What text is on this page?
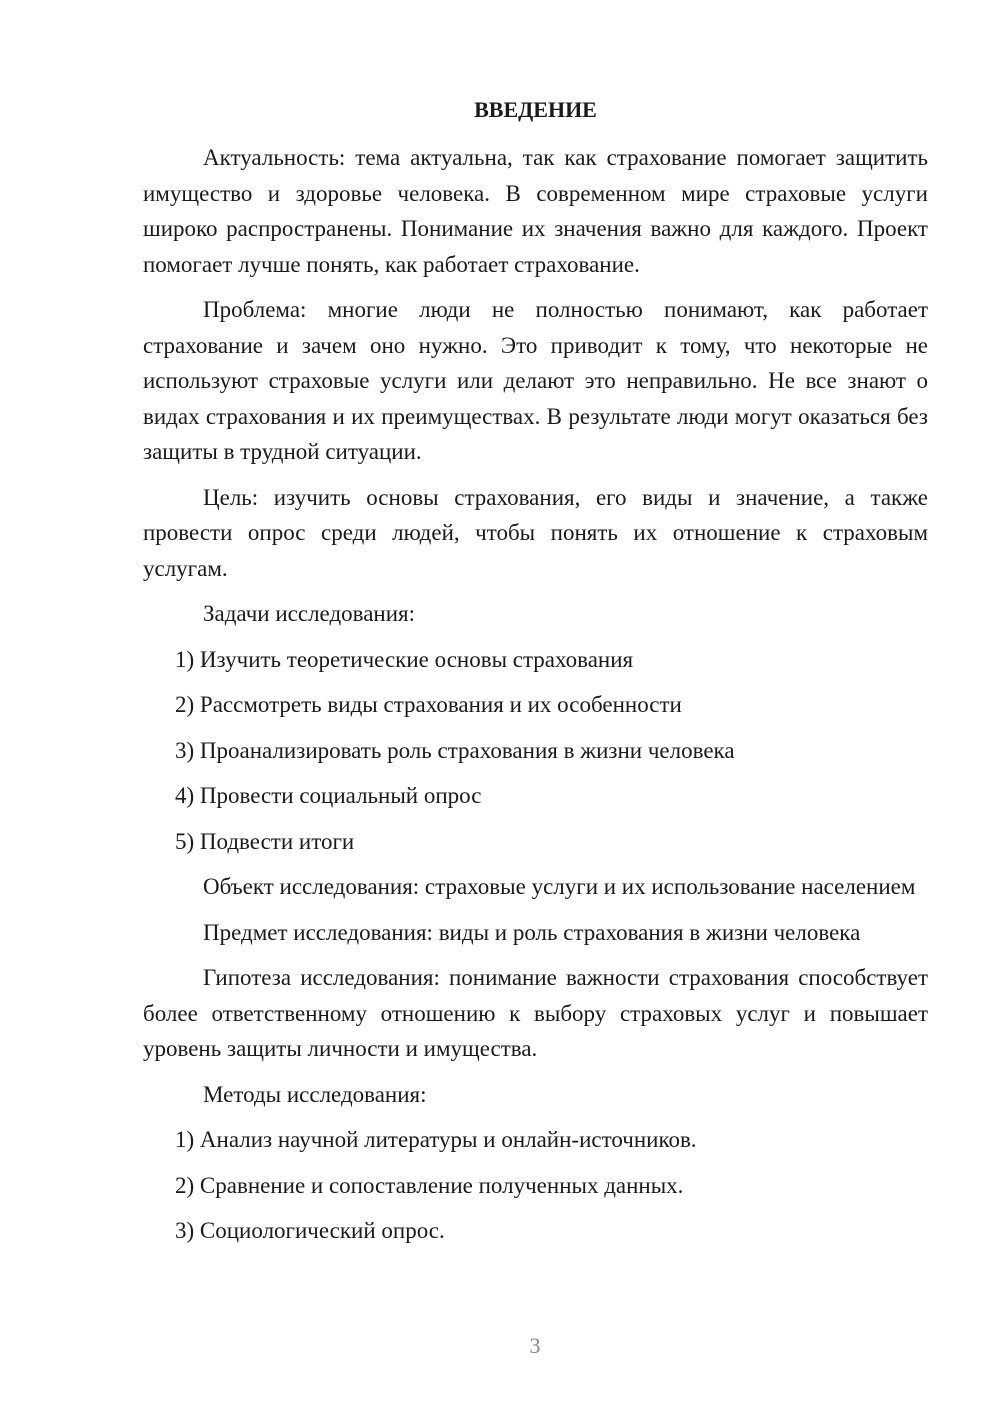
ВВЕДЕНИЕ

Актуальность: тема актуальна, так как страхование помогает защитить имущество и здоровье человека. В современном мире страховые услуги широко распространены. Понимание их значения важно для каждого. Проект помогает лучше понять, как работает страхование.

Проблема: многие люди не полностью понимают, как работает страхование и зачем оно нужно. Это приводит к тому, что некоторые не используют страховые услуги или делают это неправильно. Не все знают о видах страхования и их преимуществах. В результате люди могут оказаться без защиты в трудной ситуации.

Цель: изучить основы страхования, его виды и значение, а также провести опрос среди людей, чтобы понять их отношение к страховым услугам.

Задачи исследования:

1) Изучить теоретические основы страхования
2) Рассмотреть виды страхования и их особенности
3) Проанализировать роль страхования в жизни человека
4) Провести социальный опрос
5) Подвести итоги

Объект исследования: страховые услуги и их использование населением

Предмет исследования: виды и роль страхования в жизни человека

Гипотеза исследования: понимание важности страхования способствует более ответственному отношению к выбору страховых услуг и повышает уровень защиты личности и имущества.

Методы исследования:

1) Анализ научной литературы и онлайн-источников.
2) Сравнение и сопоставление полученных данных.
3) Социологический опрос.
3
